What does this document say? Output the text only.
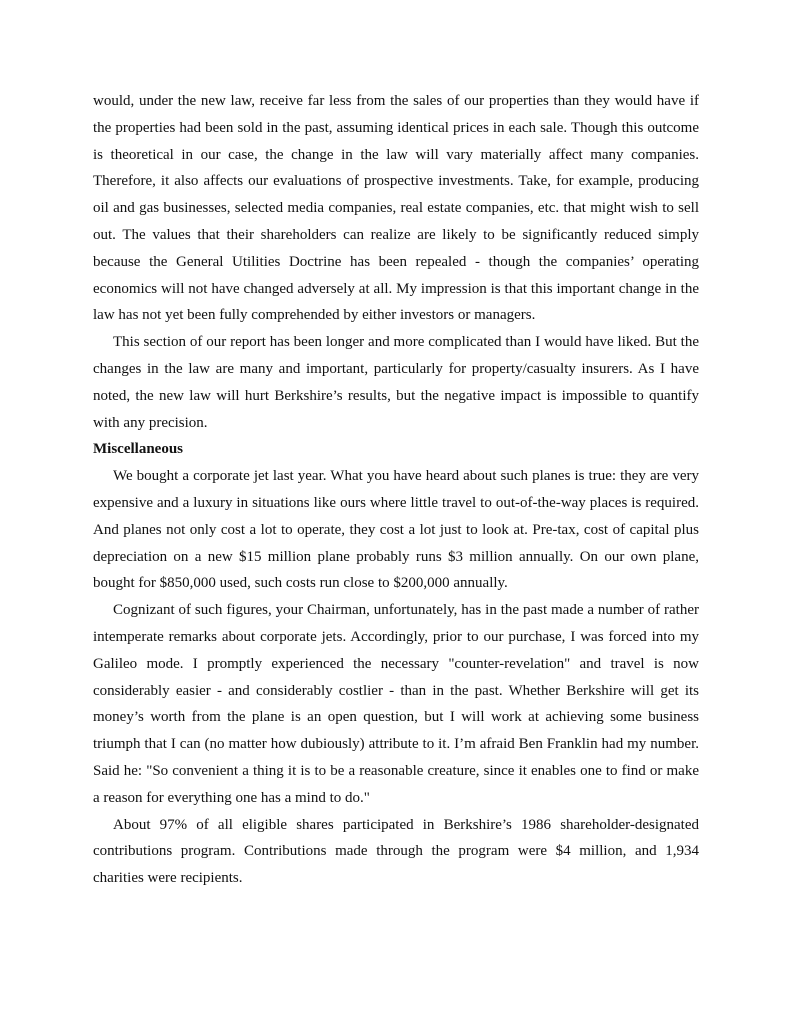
would, under the new law, receive far less from the sales of our properties than they would have if the properties had been sold in the past, assuming identical prices in each sale. Though this outcome is theoretical in our case, the change in the law will vary materially affect many companies. Therefore, it also affects our evaluations of prospective investments. Take, for example, producing oil and gas businesses, selected media companies, real estate companies, etc. that might wish to sell out. The values that their shareholders can realize are likely to be significantly reduced simply because the General Utilities Doctrine has been repealed - though the companies’ operating economics will not have changed adversely at all. My impression is that this important change in the law has not yet been fully comprehended by either investors or managers.

This section of our report has been longer and more complicated than I would have liked. But the changes in the law are many and important, particularly for property/casualty insurers. As I have noted, the new law will hurt Berkshire’s results, but the negative impact is impossible to quantify with any precision.

Miscellaneous

We bought a corporate jet last year. What you have heard about such planes is true: they are very expensive and a luxury in situations like ours where little travel to out-of-the-way places is required. And planes not only cost a lot to operate, they cost a lot just to look at. Pre-tax, cost of capital plus depreciation on a new $15 million plane probably runs $3 million annually. On our own plane, bought for $850,000 used, such costs run close to $200,000 annually.

Cognizant of such figures, your Chairman, unfortunately, has in the past made a number of rather intemperate remarks about corporate jets. Accordingly, prior to our purchase, I was forced into my Galileo mode. I promptly experienced the necessary "counter-revelation" and travel is now considerably easier - and considerably costlier - than in the past. Whether Berkshire will get its money’s worth from the plane is an open question, but I will work at achieving some business triumph that I can (no matter how dubiously) attribute to it. I’m afraid Ben Franklin had my number. Said he: "So convenient a thing it is to be a reasonable creature, since it enables one to find or make a reason for everything one has a mind to do."

About 97% of all eligible shares participated in Berkshire’s 1986 shareholder-designated contributions program. Contributions made through the program were $4 million, and 1,934 charities were recipients.
